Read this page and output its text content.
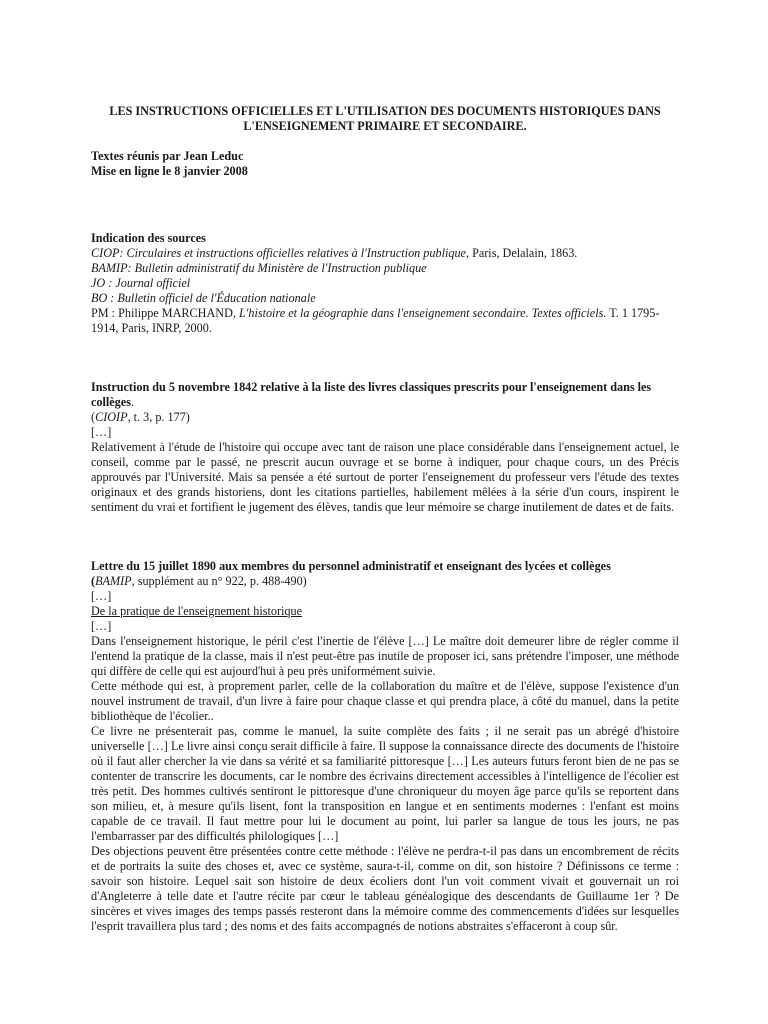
LES INSTRUCTIONS OFFICIELLES ET L'UTILISATION DES DOCUMENTS HISTORIQUES DANS
L'ENSEIGNEMENT PRIMAIRE ET SECONDAIRE.
Textes réunis par Jean Leduc
Mise en ligne le 8 janvier 2008
Indication des sources
CIOP: Circulaires et instructions officielles relatives à l'Instruction publique, Paris, Delalain, 1863.
BAMIP: Bulletin administratif du Ministère de l'Instruction publique
JO : Journal officiel
BO : Bulletin officiel de l'Éducation nationale
PM : Philippe MARCHAND, L'histoire et la géographie dans l'enseignement secondaire. Textes officiels. T. 1 1795-1914, Paris, INRP, 2000.
Instruction du 5 novembre 1842 relative à la liste des livres classiques prescrits pour l'enseignement dans les collèges.
(CIOIP, t. 3, p. 177)
[…]

Relativement à l'étude de l'histoire qui occupe avec tant de raison une place considérable dans l'enseignement actuel, le conseil, comme par le passé, ne prescrit aucun ouvrage et se borne à indiquer, pour chaque cours, un des Précis approuvés par l'Université. Mais sa pensée a été surtout de porter l'enseignement du professeur vers l'étude des textes originaux et des grands historiens, dont les citations partielles, habilement mêlées à la série d'un cours, inspirent le sentiment du vrai et fortifient le jugement des élèves, tandis que leur mémoire se charge inutilement de dates et de faits.

Lettre du 15 juillet 1890 aux membres du personnel administratif et enseignant des lycées et collèges
(BAMIP, supplément au n° 922, p. 488-490)
[…]
De la pratique de l'enseignement historique
[…]

Dans l'enseignement historique, le péril c'est l'inertie de l'élève […] Le maître doit demeurer libre de régler comme il l'entend la pratique de la classe, mais il n'est peut-être pas inutile de proposer ici, sans prétendre l'imposer, une méthode qui diffère de celle qui est aujourd'hui à peu près uniformément suivie.

Cette méthode qui est, à proprement parler, celle de la collaboration du maître et de l'élève, suppose l'existence d'un nouvel instrument de travail, d'un livre à faire pour chaque classe et qui prendra place, à côté du manuel, dans la petite bibliothèque de l'écolier..

Ce livre ne présenterait pas, comme le manuel, la suite complète des faits ; il ne serait pas un abrégé d'histoire universelle […] Le livre ainsi conçu serait difficile à faire. Il suppose la connaissance directe des documents de l'histoire où il faut aller chercher la vie dans sa vérité et sa familiarité pittoresque […] Les auteurs futurs feront bien de ne pas se contenter de transcrire les documents, car le nombre des écrivains directement accessibles à l'intelligence de l'écolier est très petit. Des hommes cultivés sentiront le pittoresque d'une chroniqueur du moyen âge parce qu'ils se reportent dans son milieu, et, à mesure qu'ils lisent, font la transposition en langue et en sentiments modernes : l'enfant est moins capable de ce travail. Il faut mettre pour lui le document au point, lui parler sa langue de tous les jours, ne pas l'embarrasser par des difficultés philologiques […]

Des objections peuvent être présentées contre cette méthode : l'élève ne perdra-t-il pas dans un encombrement de récits et de portraits la suite des choses et, avec ce système, saura-t-il, comme on dit, son histoire ? Définissons ce terme : savoir son histoire. Lequel sait son histoire de deux écoliers dont l'un voit comment vivait et gouvernait un roi d'Angleterre à telle date et l'autre récite par cœur le tableau généalogique des descendants de Guillaume 1er ? De sincères et vives images des temps passés resteront dans la mémoire comme des commencements d'idées sur lesquelles l'esprit travaillera plus tard ; des noms et des faits accompagnés de notions abstraites s'effaceront à coup sûr.
